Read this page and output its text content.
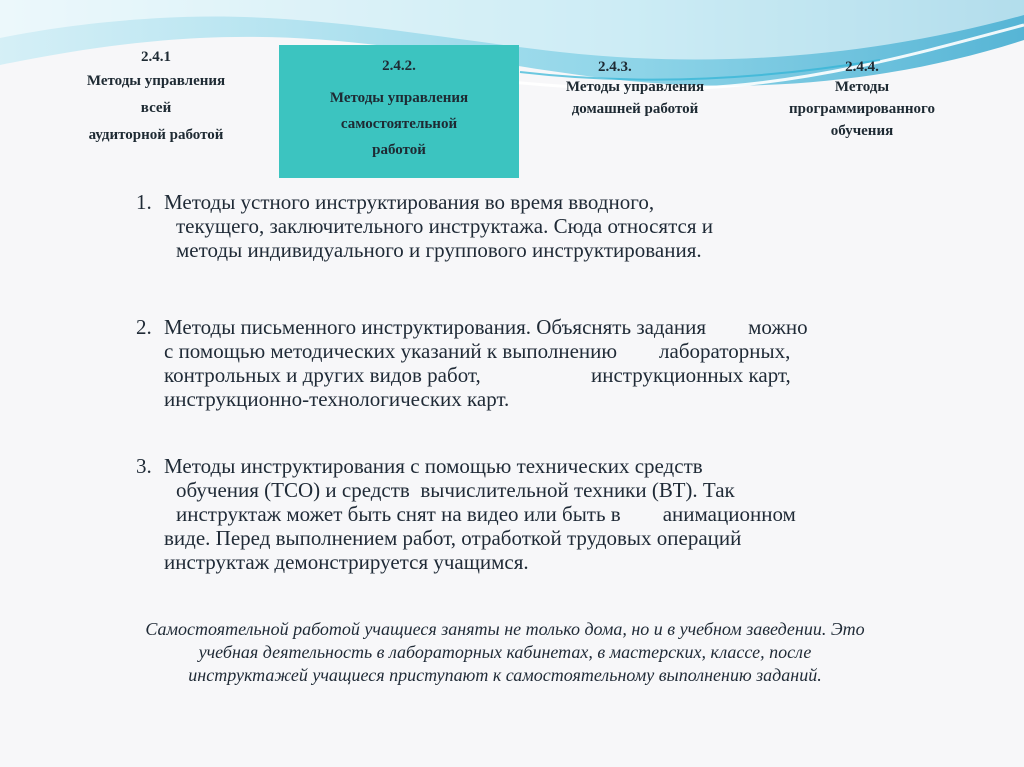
2.4.1
Методы управления
всей
аудиторной работой
2.4.2.
Методы управления
самостоятельной
работой
2.4.3.
Методы управления
домашней работой
2.4.4.
Методы
программированного
обучения
1. Методы устного инструктирования во время вводного,
текущего, заключительного инструктажа. Сюда относятся и
методы индивидуального и группового инструктирования.
2. Методы письменного инструктирования. Объяснять задания        можно
с помощью методических указаний к выполнению        лабораторных,
контрольных и других видов работ,                     инструкционных карт,
инструкционно-технологических карт.
3. Методы инструктирования с помощью технических средств
обучения (ТСО) и средств  вычислительной техники (ВТ). Так
инструктаж может быть снят на видео или быть в        анимационном
виде. Перед выполнением работ, отработкой трудовых операций
инструктаж демонстрируется учащимся.
Самостоятельной работой учащиеся заняты не только дома, но и в учебном заведении. Это
учебная деятельность в лабораторных кабинетах, в мастерских, классе, после
инструктажей учащиеся приступают к самостоятельному выполнению заданий.
